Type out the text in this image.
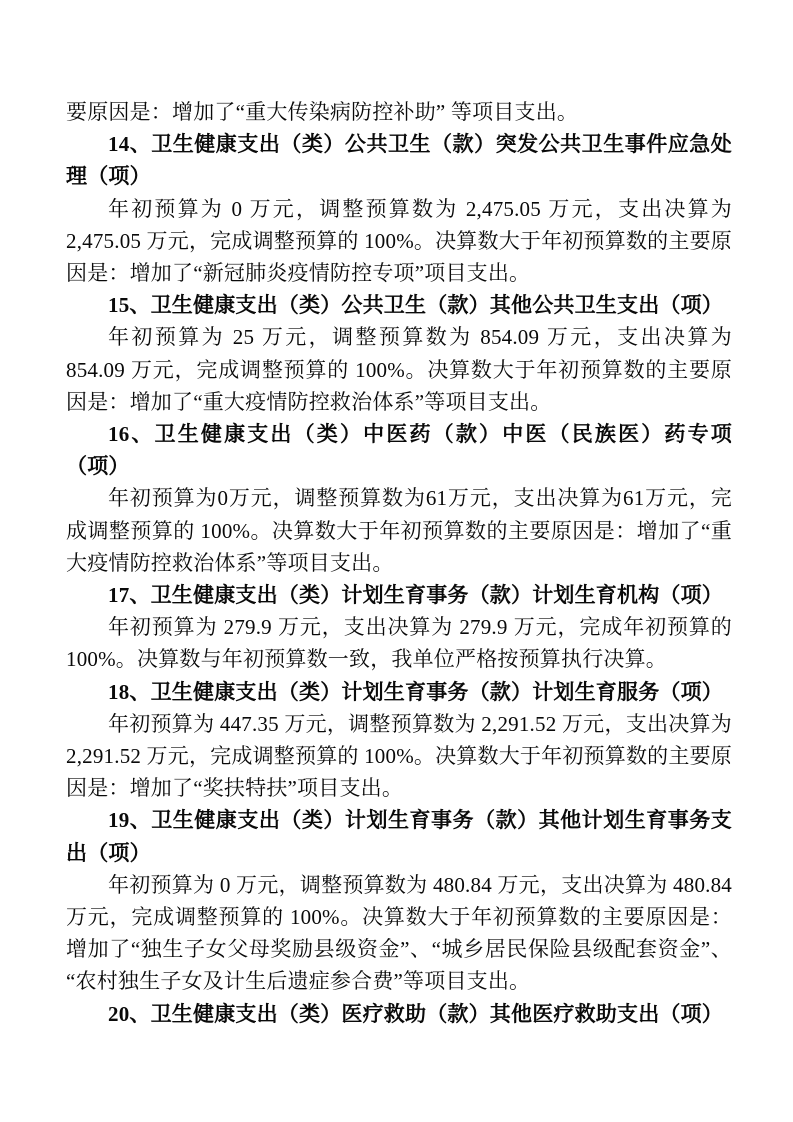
要原因是：增加了“重大传染病防控补助” 等项目支出。

14、卫生健康支出（类）公共卫生（款）突发公共卫生事件应急处理（项）

年初预算为 0 万元，调整预算数为 2,475.05 万元，支出决算为 2,475.05 万元，完成调整预算的 100%。决算数大于年初预算数的主要原因是：增加了“新冠肺炎疫情防控专项”项目支出。

15、卫生健康支出（类）公共卫生（款）其他公共卫生支出（项）

年初预算为 25 万元，调整预算数为 854.09 万元，支出决算为 854.09 万元，完成调整预算的 100%。决算数大于年初预算数的主要原因是：增加了“重大疫情防控救治体系”等项目支出。

16、卫生健康支出（类）中医药（款）中医（民族医）药专项（项）

年初预算为0万元，调整预算数为61万元，支出决算为61万元，完成调整预算的 100%。决算数大于年初预算数的主要原因是：增加了“重大疫情防控救治体系”等项目支出。

17、卫生健康支出（类）计划生育事务（款）计划生育机构（项）

年初预算为 279.9 万元，支出决算为 279.9 万元，完成年初预算的 100%。决算数与年初预算数一致，我单位严格按预算执行决算。

18、卫生健康支出（类）计划生育事务（款）计划生育服务（项）

年初预算为 447.35 万元，调整预算数为 2,291.52 万元，支出决算为 2,291.52 万元，完成调整预算的 100%。决算数大于年初预算数的主要原因是：增加了“奖扶特扶”项目支出。

19、卫生健康支出（类）计划生育事务（款）其他计划生育事务支出（项）

年初预算为 0 万元，调整预算数为 480.84 万元，支出决算为 480.84 万元，完成调整预算的 100%。决算数大于年初预算数的主要原因是：增加了“独生子女父母奖励县级资金”、“城乡居民保险县级配套资金”、“农村独生子女及计生后遗症参合费”等项目支出。

20、卫生健康支出（类）医疗救助（款）其他医疗救助支出（项）
